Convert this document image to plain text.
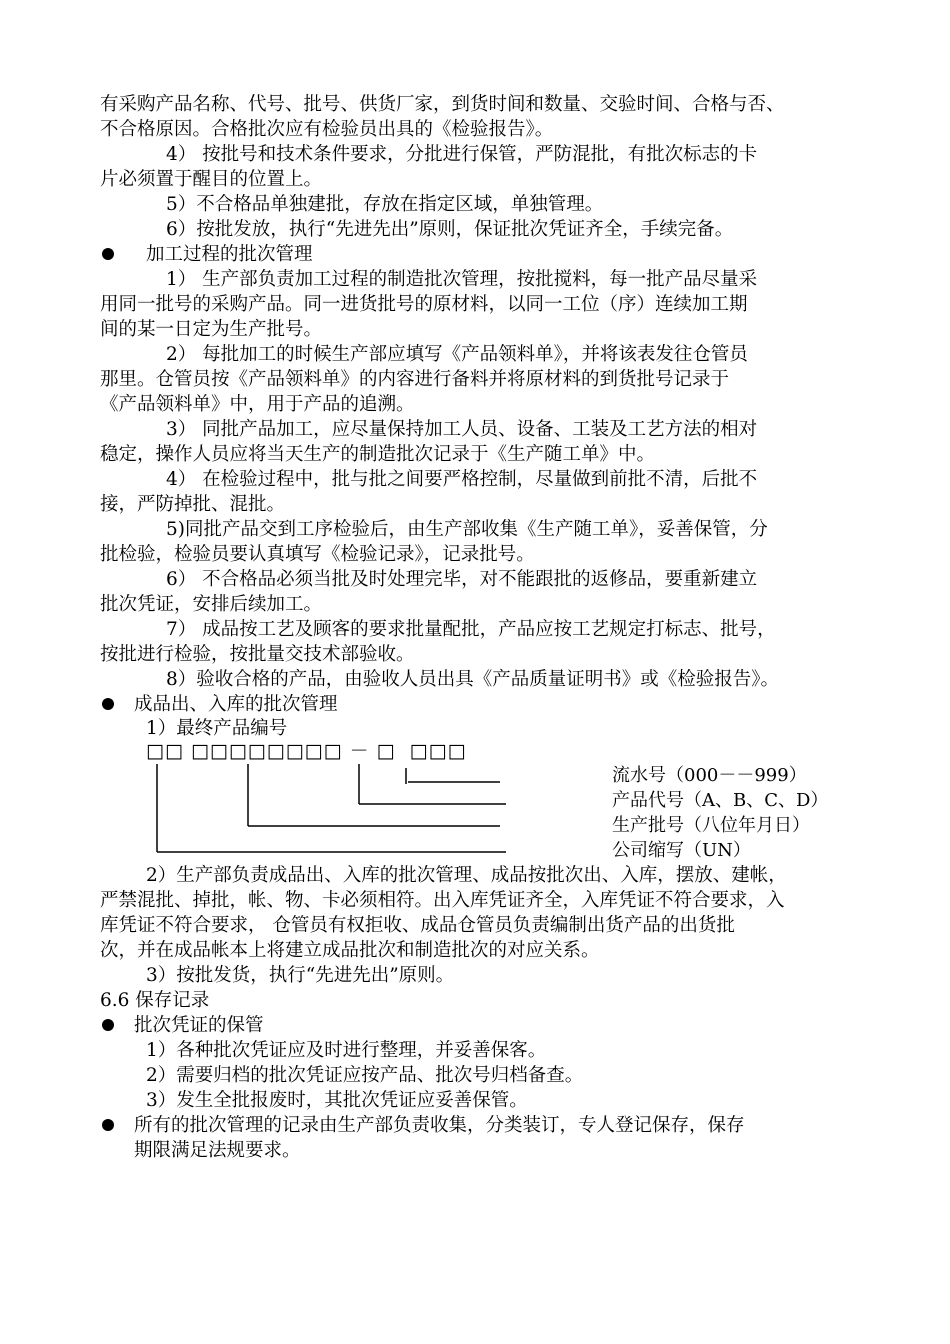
有采购产品名称、代号、批号、供货厂家，到货时间和数量、交验时间、合格与否、
不合格原因。合格批次应有检验员出具的《检验报告》。
4） 按批号和技术条件要求，分批进行保管，严防混批，有批次标志的卡
片必须置于醒目的位置上。
5）不合格品单独建批，存放在指定区域，单独管理。
6）按批发放，执行“先进先出”原则，保证批次凭证齐全，手续完备。
加工过程的批次管理
1） 生产部负责加工过程的制造批次管理，按批搅料，每一批产品尽量采
用同一批号的采购产品。同一进货批号的原材料，以同一工位（序）连续加工期
间的某一日定为生产批号。
2） 每批加工的时候生产部应填写《产品领料单》，并将该表发往仓管员
那里。仓管员按《产品领料单》的内容进行备料并将原材料的到货批号记录于
《产品领料单》中，用于产品的追溯。
3） 同批产品加工，应尽量保持加工人员、设备、工装及工艺方法的相对
稳定，操作人员应将当天生产的制造批次记录于《生产随工单》中。
4） 在检验过程中，批与批之间要严格控制，尽量做到前批不清，后批不
接，严防掉批、混批。
5)同批产品交到工序检验后，由生产部收集《生产随工单》，妥善保管，分
批检验，检验员要认真填写《检验记录》，记录批号。
6） 不合格品必须当批及时处理完毕，对不能跟批的返修品，要重新建立
批次凭证，安排后续加工。
7） 成品按工艺及顾客的要求批量配批，产品应按工艺规定打标志、批号，
按批进行检验，按批量交技术部验收。
8）验收合格的产品，由验收人员出具《产品质量证明书》或《检验报告》。
成品出、入库的批次管理
1）最终产品编号
□□ □□□□□□□□ － □  □□□
流水号（000－－999）
产品代号（A、B、C、D）
生产批号（八位年月日）
公司缩写（UN）
2）生产部负责成品出、入库的批次管理、成品按批次出、入库，摆放、建帐，
严禁混批、掉批，帐、物、卡必须相符。出入库凭证齐全，入库凭证不符合要求，入
库凭证不符合要求， 仓管员有权拒收、成品仓管员负责编制出货产品的出货批
次，并在成品帐本上将建立成品批次和制造批次的对应关系。
3）按批发货，执行“先进先出”原则。
6.6 保存记录
批次凭证的保管
1）各种批次凭证应及时进行整理，并妥善保客。
2）需要归档的批次凭证应按产品、批次号归档备查。
3）发生全批报废时，其批次凭证应妥善保管。
所有的批次管理的记录由生产部负责收集，分类装订，专人登记保存，保存
期限满足法规要求。
